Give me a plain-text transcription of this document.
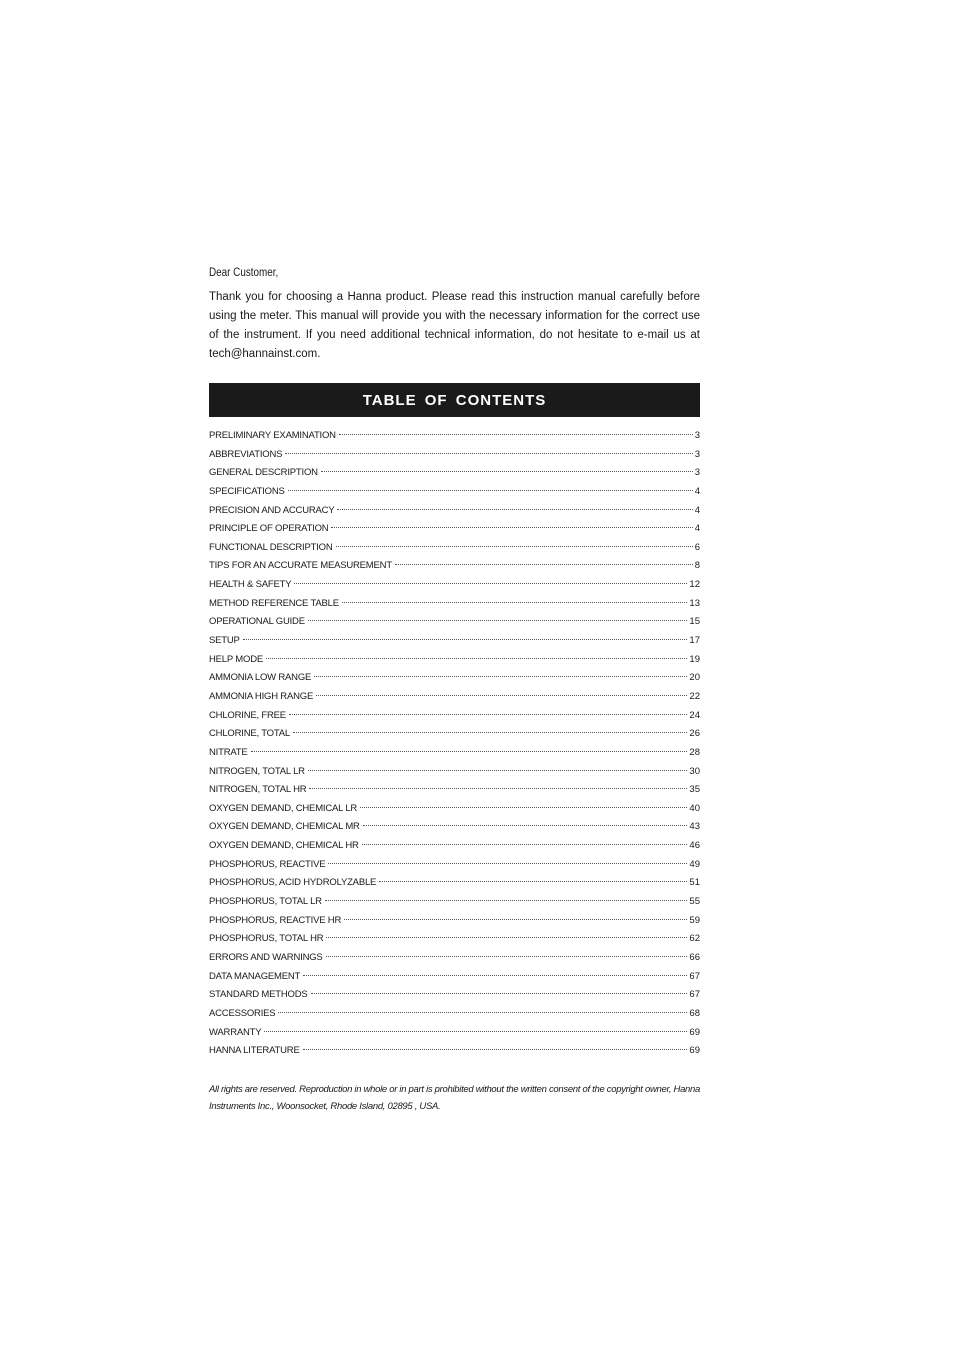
Dear Customer,

Thank you for choosing a Hanna product. Please read this instruction manual carefully before using the meter. This manual will provide you with the necessary information for the correct use of the instrument. If you need additional technical information, do not hesitate to e-mail us at tech@hannainst.com.

TABLE OF CONTENTS
PRELIMINARY EXAMINATION	3
ABBREVIATIONS	3
GENERAL DESCRIPTION	3
SPECIFICATIONS	4
PRECISION AND ACCURACY	4
PRINCIPLE OF OPERATION	4
FUNCTIONAL DESCRIPTION	6
TIPS FOR AN ACCURATE MEASUREMENT	8
HEALTH & SAFETY	12
METHOD REFERENCE TABLE	13
OPERATIONAL GUIDE	15
SETUP	17
HELP MODE	19
AMMONIA LOW RANGE	20
AMMONIA HIGH RANGE	22
CHLORINE, FREE	24
CHLORINE, TOTAL	26
NITRATE	28
NITROGEN, TOTAL LR	30
NITROGEN, TOTAL HR	35
OXYGEN DEMAND, CHEMICAL LR	40
OXYGEN DEMAND, CHEMICAL MR	43
OXYGEN DEMAND, CHEMICAL HR	46
PHOSPHORUS, REACTIVE	49
PHOSPHORUS, ACID HYDROLYZABLE	51
PHOSPHORUS, TOTAL LR	55
PHOSPHORUS, REACTIVE HR	59
PHOSPHORUS, TOTAL HR	62
ERRORS AND WARNINGS	66
DATA MANAGEMENT	67
STANDARD METHODS	67
ACCESSORIES	68
WARRANTY	69
HANNA LITERATURE	69

All rights are reserved. Reproduction in whole or in part is prohibited without the written consent of the copyright owner, Hanna Instruments Inc., Woonsocket, Rhode Island, 02895 , USA.
